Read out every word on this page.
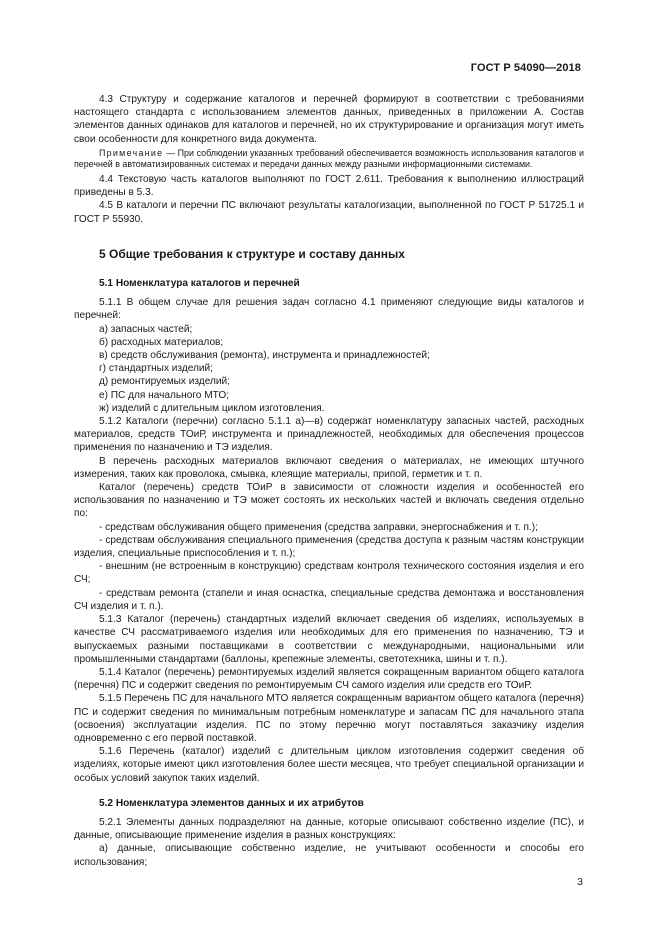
ГОСТ Р 54090—2018

4.3 Структуру и содержание каталогов и перечней формируют в соответствии с требованиями настоящего стандарта с использованием элементов данных, приведенных в приложении А. Состав элементов данных одинаков для каталогов и перечней, но их структурирование и организация могут иметь свои особенности для конкретного вида документа.

Примечание — При соблюдении указанных требований обеспечивается возможность использования каталогов и перечней в автоматизированных системах и передачи данных между разными информационными системами.

4.4 Текстовую часть каталогов выполняют по ГОСТ 2.611. Требования к выполнению иллюстраций приведены в 5.3.

4.5 В каталоги и перечни ПС включают результаты каталогизации, выполненной по ГОСТ Р 51725.1 и ГОСТ Р 55930.

5 Общие требования к структуре и составу данных

5.1 Номенклатура каталогов и перечней

5.1.1 В общем случае для решения задач согласно 4.1 применяют следующие виды каталогов и перечней:

а) запасных частей;

б) расходных материалов;

в) средств обслуживания (ремонта), инструмента и принадлежностей;

г) стандартных изделий;

д) ремонтируемых изделий;

е) ПС для начального МТО;

ж) изделий с длительным циклом изготовления.

5.1.2 Каталоги (перечни) согласно 5.1.1 а)—в) содержат номенклатуру запасных частей, расходных материалов, средств ТОиР, инструмента и принадлежностей, необходимых для обеспечения процессов применения по назначению и ТЭ изделия.

В перечень расходных материалов включают сведения о материалах, не имеющих штучного измерения, таких как проволока, смывка, клеящие материалы, припой, герметик и т. п.

Каталог (перечень) средств ТОиР в зависимости от сложности изделия и особенностей его использования по назначению и ТЭ может состоять их нескольких частей и включать сведения отдельно по:

- средствам обслуживания общего применения (средства заправки, энергоснабжения и т. п.);

- средствам обслуживания специального применения (средства доступа к разным частям конструкции изделия, специальные приспособления и т. п.);

- внешним (не встроенным в конструкцию) средствам контроля технического состояния изделия и его СЧ;

- средствам ремонта (стапели и иная оснастка, специальные средства демонтажа и восстановления СЧ изделия и т. п.).

5.1.3 Каталог (перечень) стандартных изделий включает сведения об изделиях, используемых в качестве СЧ рассматриваемого изделия или необходимых для его применения по назначению, ТЭ и выпускаемых разными поставщиками в соответствии с международными, национальными или промышленными стандартами (баллоны, крепежные элементы, светотехника, шины и т. п.).

5.1.4 Каталог (перечень) ремонтируемых изделий является сокращенным вариантом общего каталога (перечня) ПС и содержит сведения по ремонтируемым СЧ самого изделия или средств его ТОиР.

5.1.5 Перечень ПС для начального МТО является сокращенным вариантом общего каталога (перечня) ПС и содержит сведения по минимальным потребным номенклатуре и запасам ПС для начального этапа (освоения) эксплуатации изделия. ПС по этому перечню могут поставляться заказчику изделия одновременно с его первой поставкой.

5.1.6 Перечень (каталог) изделий с длительным циклом изготовления содержит сведения об изделиях, которые имеют цикл изготовления более шести месяцев, что требует специальной организации и особых условий закупок таких изделий.

5.2 Номенклатура элементов данных и их атрибутов

5.2.1 Элементы данных подразделяют на данные, которые описывают собственно изделие (ПС), и данные, описывающие применение изделия в разных конструкциях:

а) данные, описывающие собственно изделие, не учитывают особенности и способы его использования;

3
